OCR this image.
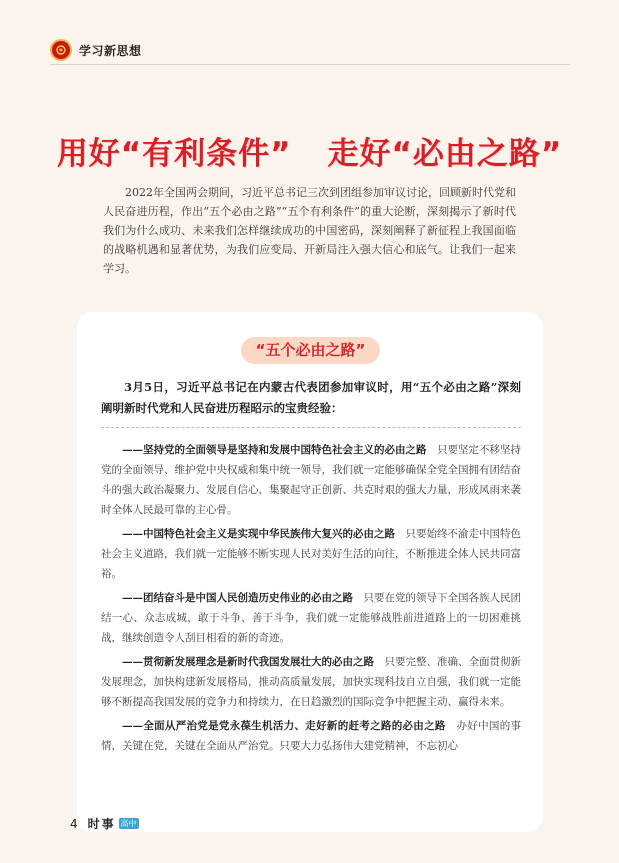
学习新思想
用好“有利条件” 走好“必由之路”

2022年全国两会期间，习近平总书记三次到团组参加审议讨论，回顾新时代党和人民奋进历程，作出“五个必由之路”“五个有利条件”的重大论断，深刻揭示了新时代我们为什么成功、未来我们怎样继续成功的中国密码，深刻阐释了新征程上我国面临的战略机遇和显著优势，为我们应变局、开新局注入强大信心和底气。让我们一起来学习。

“五个必由之路”

3月5日，习近平总书记在内蒙古代表团参加审议时，用“五个必由之路”深刻阐明新时代党和人民奋进历程昭示的宝贵经验：

——坚持党的全面领导是坚持和发展中国特色社会主义的必由之路 只要坚定不移坚持党的全面领导、维护党中央权威和集中统一领导，我们就一定能够确保全党全国拥有团结奋斗的强大政治凝聚力、发展自信心，集聚起守正创新、共克时艰的强大力量，形成风雨来袭时全体人民最可靠的主心骨。

——中国特色社会主义是实现中华民族伟大复兴的必由之路 只要始终不渝走中国特色社会主义道路，我们就一定能够不断实现人民对美好生活的向往，不断推进全体人民共同富裕。

——团结奋斗是中国人民创造历史伟业的必由之路 只要在党的领导下全国各族人民团结一心、众志成城，敢于斗争、善于斗争，我们就一定能够战胜前进道路上的一切困难挑战，继续创造令人刮目相看的新的奇迹。

——贯彻新发展理念是新时代我国发展壮大的必由之路 只要完整、准确、全面贯彻新发展理念，加快构建新发展格局，推动高质量发展，加快实现科技自立自强，我们就一定能够不断提高我国发展的竞争力和持续力，在日趋激烈的国际竞争中把握主动、赢得未来。

——全面从严治党是党永葆生机活力、走好新的赶考之路的必由之路 办好中国的事情，关键在党，关键在全面从严治党。只要大力弘扬伟大建党精神，不忘初心

4 时事 高中
